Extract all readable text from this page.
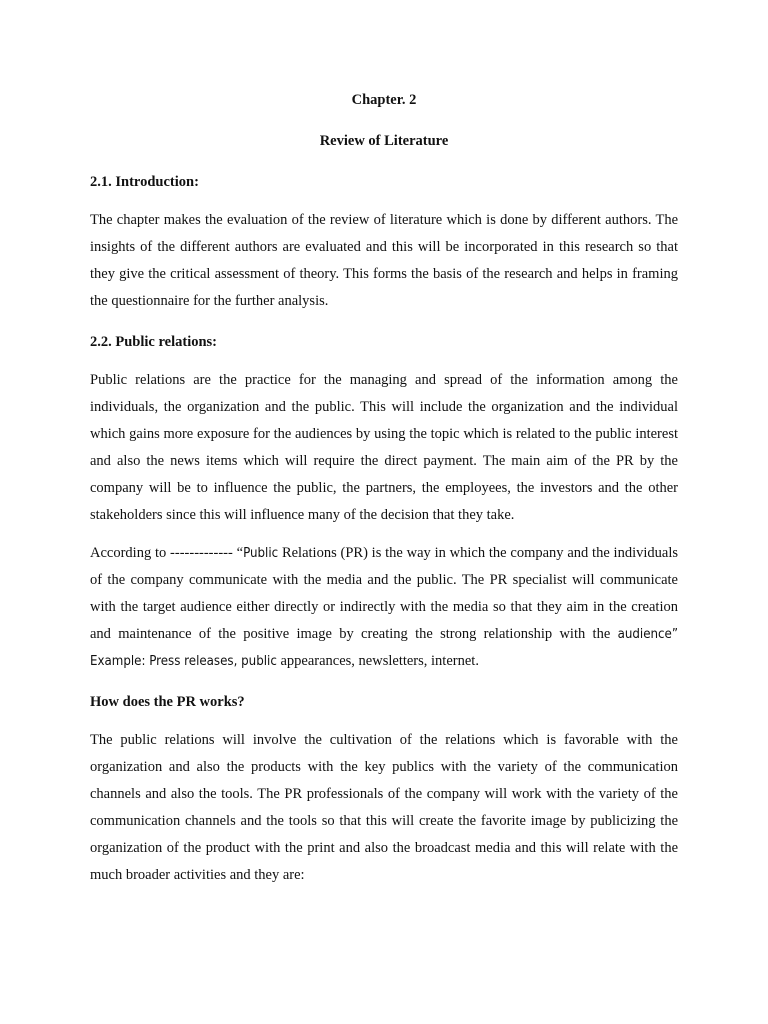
Chapter. 2

Review of Literature

2.1. Introduction:

The chapter makes the evaluation of the review of literature which is done by different authors. The insights of the different authors are evaluated and this will be incorporated in this research so that they give the critical assessment of theory. This forms the basis of the research and helps in framing the questionnaire for the further analysis.

2.2. Public relations:

Public relations are the practice for the managing and spread of the information among the individuals, the organization and the public. This will include the organization and the individual which gains more exposure for the audiences by using the topic which is related to the public interest and also the news items which will require the direct payment. The main aim of the PR by the company will be to influence the public, the partners, the employees, the investors and the other stakeholders since this will influence many of the decision that they take.

According to ------------- “Public Relations (PR) is the way in which the company and the individuals of the company communicate with the media and the public. The PR specialist will communicate with the target audience either directly or indirectly with the media so that they aim in the creation and maintenance of the positive image by creating the strong relationship with the audience” Example: Press releases, public appearances, newsletters, internet.

How does the PR works?

The public relations will involve the cultivation of the relations which is favorable with the organization and also the products with the key publics with the variety of the communication channels and also the tools. The PR professionals of the company will work with the variety of the communication channels and the tools so that this will create the favorite image by publicizing the organization of the product with the print and also the broadcast media and this will relate with the much broader activities and they are:
